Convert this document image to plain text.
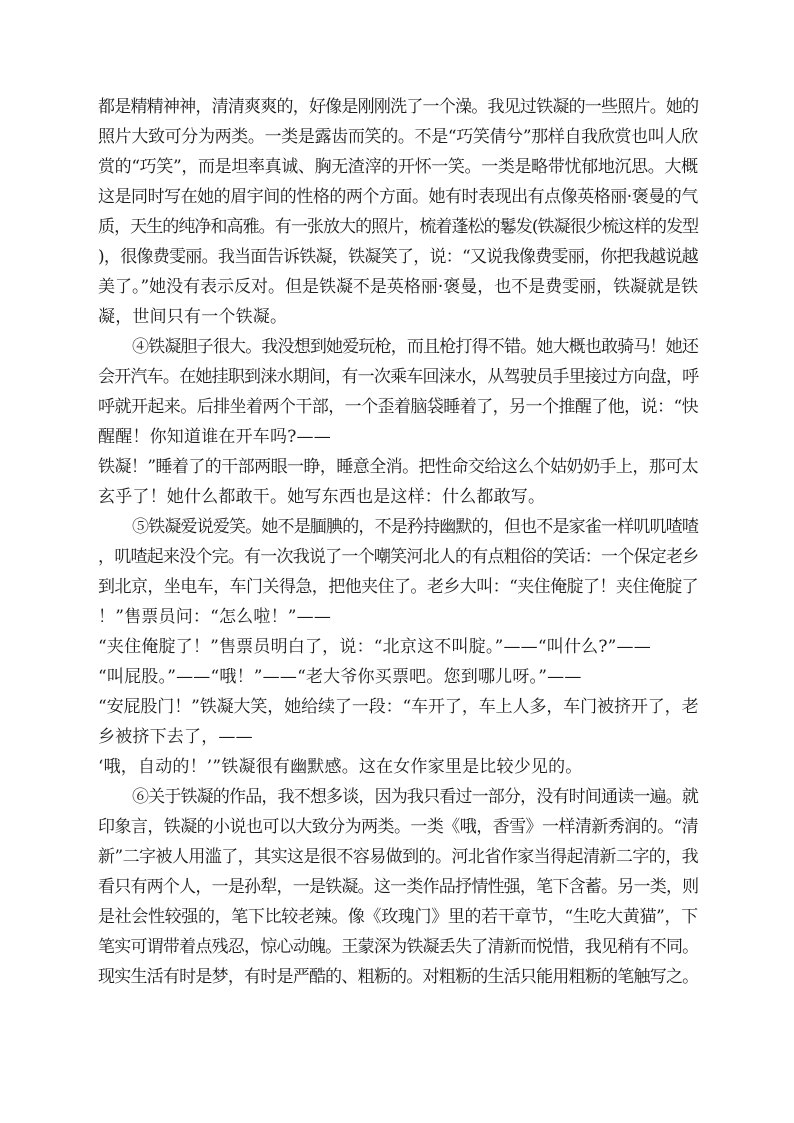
都是精精神神，清清爽爽的，好像是刚刚洗了一个澡。我见过铁凝的一些照片。她的
照片大致可分为两类。一类是露齿而笑的。不是“巧笑倩兮”那样自我欣赏也叫人欣
赏的“巧笑”，而是坦率真诚、胸无渣滓的开怀一笑。一类是略带忧郁地沉思。大概
这是同时写在她的眉宇间的性格的两个方面。她有时表现出有点像英格丽·褒曼的气
质，天生的纯净和高雅。有一张放大的照片，梳着蓬松的鬈发(铁凝很少梳这样的发型
)，很像费雯丽。我当面告诉铁凝，铁凝笑了，说：“又说我像费雯丽，你把我越说越
美了。”她没有表示反对。但是铁凝不是英格丽·褒曼，也不是费雯丽，铁凝就是铁
凝，世间只有一个铁凝。
④铁凝胆子很大。我没想到她爱玩枪，而且枪打得不错。她大概也敢骑马！她还
会开汽车。在她挂职到涞水期间，有一次乘车回涞水，从驾驶员手里接过方向盘，呼
呼就开起来。后排坐着两个干部，一个歪着脑袋睡着了，另一个推醒了他，说：“快
醒醒！你知道谁在开车吗?——
铁凝！”睡着了的干部两眼一睁，睡意全消。把性命交给这么个姑奶奶手上，那可太
玄乎了！她什么都敢干。她写东西也是这样：什么都敢写。
⑤铁凝爱说爱笑。她不是腼腆的，不是矜持幽默的，但也不是家雀一样叽叽喳喳
，叽喳起来没个完。有一次我说了一个嘲笑河北人的有点粗俗的笑话：一个保定老乡
到北京，坐电车，车门关得急，把他夹住了。老乡大叫：“夹住俺腚了！夹住俺腚了
！”售票员问：“怎么啦！”——
“夹住俺腚了！”售票员明白了，说：“北京这不叫腚。”——“叫什么?”——
“叫屁股。”——“哦！”——“老大爷你买票吧。您到哪儿呀。”——
“安屁股门！”铁凝大笑，她给续了一段：“车开了，车上人多，车门被挤开了，老
乡被挤下去了，——
‘哦，自动的！’”铁凝很有幽默感。这在女作家里是比较少见的。
⑥关于铁凝的作品，我不想多谈，因为我只看过一部分，没有时间通读一遍。就
印象言，铁凝的小说也可以大致分为两类。一类《哦，香雪》一样清新秀润的。“清
新”二字被人用滥了，其实这是很不容易做到的。河北省作家当得起清新二字的，我
看只有两个人，一是孙犁，一是铁凝。这一类作品抒情性强，笔下含蓄。另一类，则
是社会性较强的，笔下比较老辣。像《玫瑰门》里的若干章节，“生吃大黄猫”，下
笔实可谓带着点残忍，惊心动魄。王蒙深为铁凝丢失了清新而悦惜，我见稍有不同。
现实生活有时是梦，有时是严酷的、粗粝的。对粗粝的生活只能用粗粝的笔触写之。
